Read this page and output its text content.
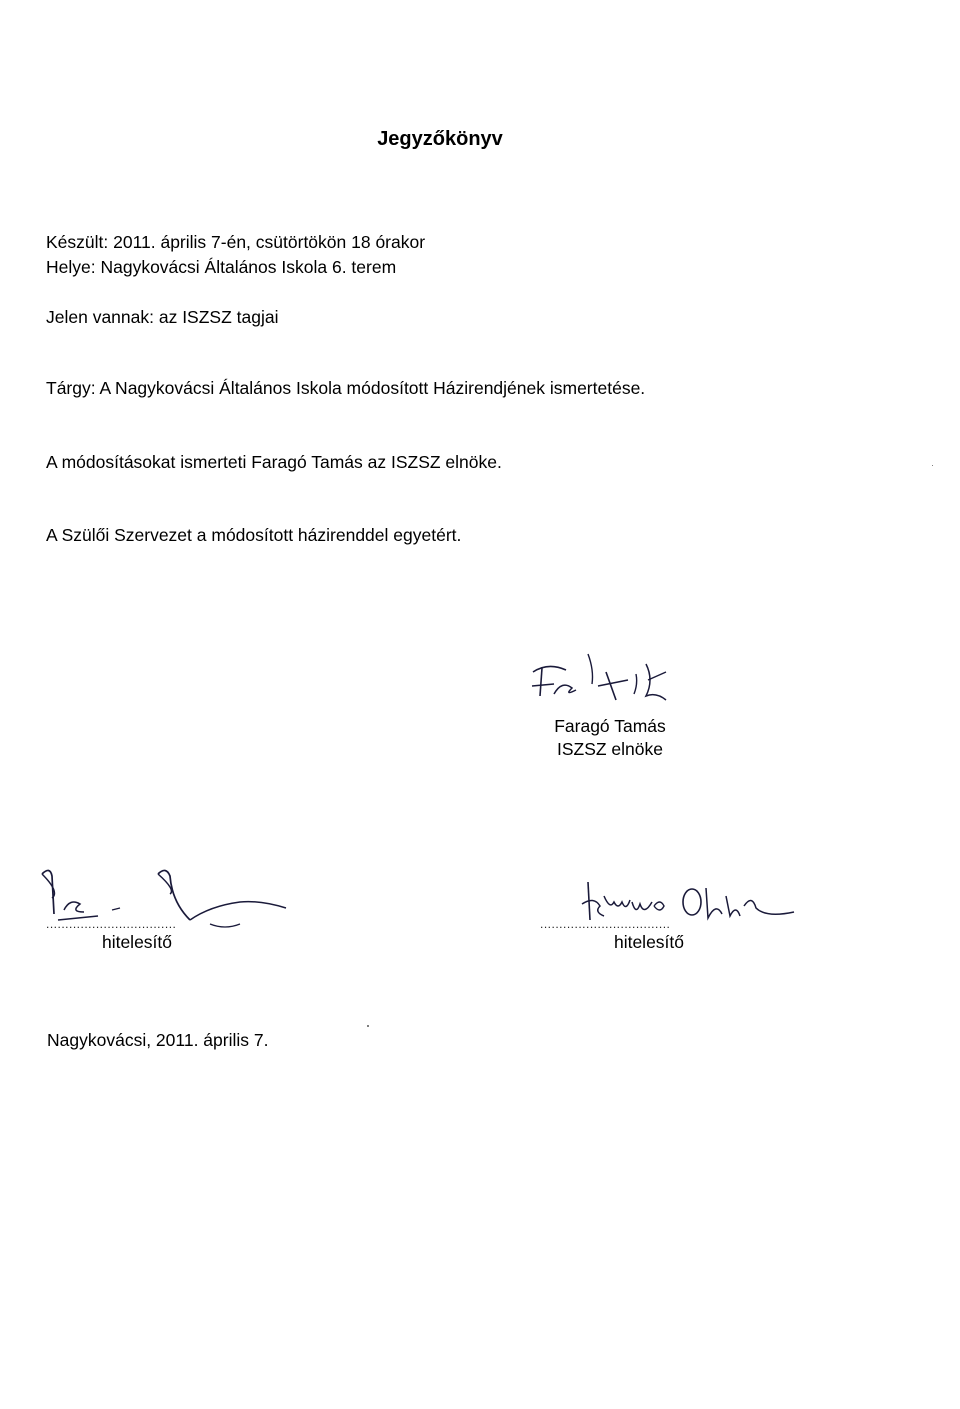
Jegyzőkönyv
Készült: 2011. április 7-én, csütörtökön 18 órakor
Helye: Nagykovácsi Általános Iskola 6. terem
Jelen vannak: az ISZSZ tagjai
Tárgy: A Nagykovácsi Általános Iskola módosított Házirendjének ismertetése.
A módosításokat ismerteti Faragó Tamás az ISZSZ elnöke.
A Szülői Szervezet a módosított házirenddel egyetért.
Faragó Tamás
ISZSZ elnöke
..................................
hitelesítő
..................................
hitelesítő
Nagykovácsi, 2011. április 7.
